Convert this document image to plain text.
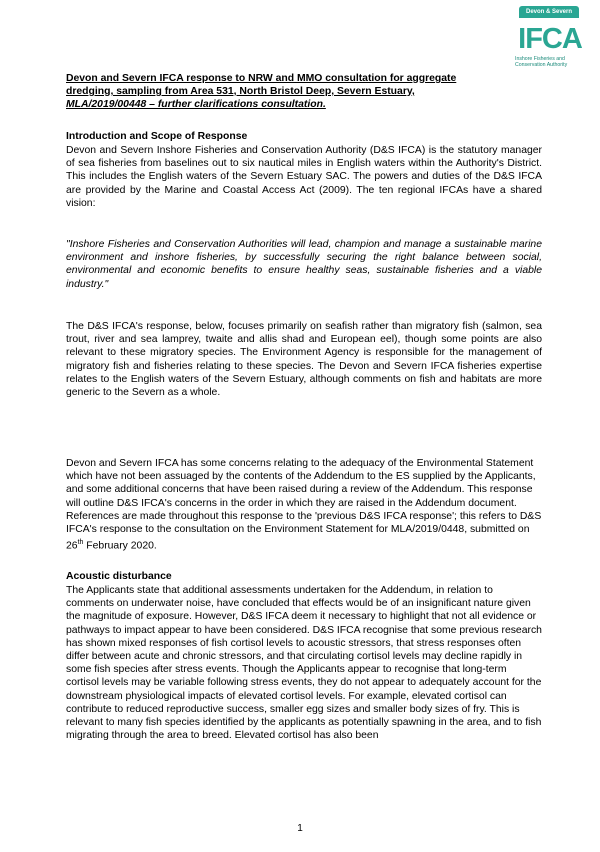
Devon & Severn
IFCA
Inshore Fisheries and
Conservation Authority
Devon and Severn IFCA response to NRW and MMO consultation for aggregate
dredging, sampling from Area 531, North Bristol Deep, Severn Estuary,
MLA/2019/00448 – further clarifications consultation.
Introduction and Scope of Response

Devon and Severn Inshore Fisheries and Conservation Authority (D&S IFCA) is the statutory manager of sea fisheries from baselines out to six nautical miles in English waters within the Authority's District. This includes the English waters of the Severn Estuary SAC. The powers and duties of the D&S IFCA are provided by the Marine and Coastal Access Act (2009). The ten regional IFCAs have a shared vision:

"Inshore Fisheries and Conservation Authorities will lead, champion and manage a sustainable marine environment and inshore fisheries, by successfully securing the right balance between social, environmental and economic benefits to ensure healthy seas, sustainable fisheries and a viable industry."

The D&S IFCA's response, below, focuses primarily on seafish rather than migratory fish (salmon, sea trout, river and sea lamprey, twaite and allis shad and European eel), though some points are also relevant to these migratory species. The Environment Agency is responsible for the management of migratory fish and fisheries relating to these species. The Devon and Severn IFCA fisheries expertise relates to the English waters of the Severn Estuary, although comments on fish and habitats are more generic to the Severn as a whole.

Devon and Severn IFCA has some concerns relating to the adequacy of the Environmental Statement which have not been assuaged by the contents of the Addendum to the ES supplied by the Applicants, and some additional concerns that have been raised during a review of the Addendum. This response will outline D&S IFCA's concerns in the order in which they are raised in the Addendum document. References are made throughout this response to the 'previous D&S IFCA response'; this refers to D&S IFCA's response to the consultation on the Environment Statement for MLA/2019/0448, submitted on 26th February 2020.

Acoustic disturbance

The Applicants state that additional assessments undertaken for the Addendum, in relation to comments on underwater noise, have concluded that effects would be of an insignificant nature given the magnitude of exposure. However, D&S IFCA deem it necessary to highlight that not all evidence or pathways to impact appear to have been considered. D&S IFCA recognise that some previous research has shown mixed responses of fish cortisol levels to acoustic stressors, that stress responses often differ between acute and chronic stressors, and that circulating cortisol levels may decline rapidly in some fish species after stress events. Though the Applicants appear to recognise that long-term cortisol levels may be variable following stress events, they do not appear to adequately account for the downstream physiological impacts of elevated cortisol levels. For example, elevated cortisol can contribute to reduced reproductive success, smaller egg sizes and smaller body sizes of fry. This is relevant to many fish species identified by the applicants as potentially spawning in the area, and to fish migrating through the area to breed. Elevated cortisol has also been

1
